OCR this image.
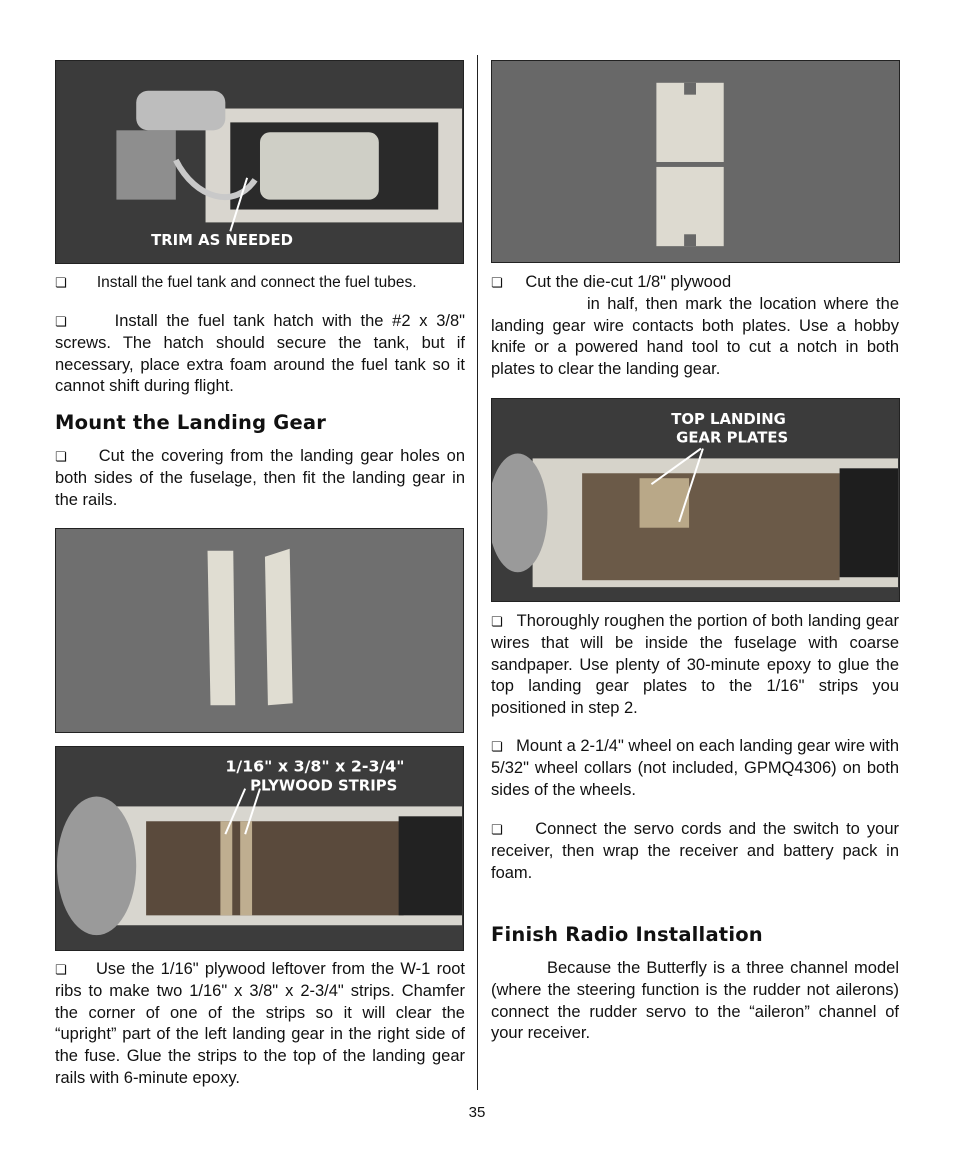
TRIM AS NEEDED
❏ Install the fuel tank and connect the fuel tubes.
❏	Install the fuel tank hatch with the #2 x 3/8" screws. The hatch should secure the tank, but if necessary, place extra foam around the fuel tank so it cannot shift during flight.
Mount the Landing Gear
❏ Cut the covering from the landing gear holes on both sides of the fuselage, then fit the landing gear in the rails.
1/16" x 3/8" x 2-3/4"
PLYWOOD STRIPS
❏ Use the 1/16" plywood leftover from the W-1 root ribs to make two 1/16" x 3/8" x 2-3/4" strips. Chamfer the corner of one of the strips so it will clear the “upright” part of the left landing gear in the right side of the fuse. Glue the strips to the top of the landing gear rails with 6-minute epoxy.
❏ Cut the die-cut 1/8" plywood
in half, then mark the location where the landing gear wire contacts both plates. Use a hobby knife or a powered hand tool to cut a notch in both plates to clear the landing gear.
TOP LANDING
GEAR PLATES
❏ Thoroughly roughen the portion of both landing gear wires that will be inside the fuselage with coarse sandpaper. Use plenty of 30-minute epoxy to glue the top landing gear plates to the 1/16" strips you positioned in step 2.
❏ Mount a 2-1/4" wheel on each landing gear wire with 5/32" wheel collars (not included, GPMQ4306) on both sides of the wheels.
❏ Connect the servo cords and the switch to your receiver, then wrap the receiver and battery pack in foam.
Finish Radio Installation
Because the Butterfly is a three channel model (where the steering function is the rudder not ailerons) connect the rudder servo to the “aileron” channel of your receiver.
35
